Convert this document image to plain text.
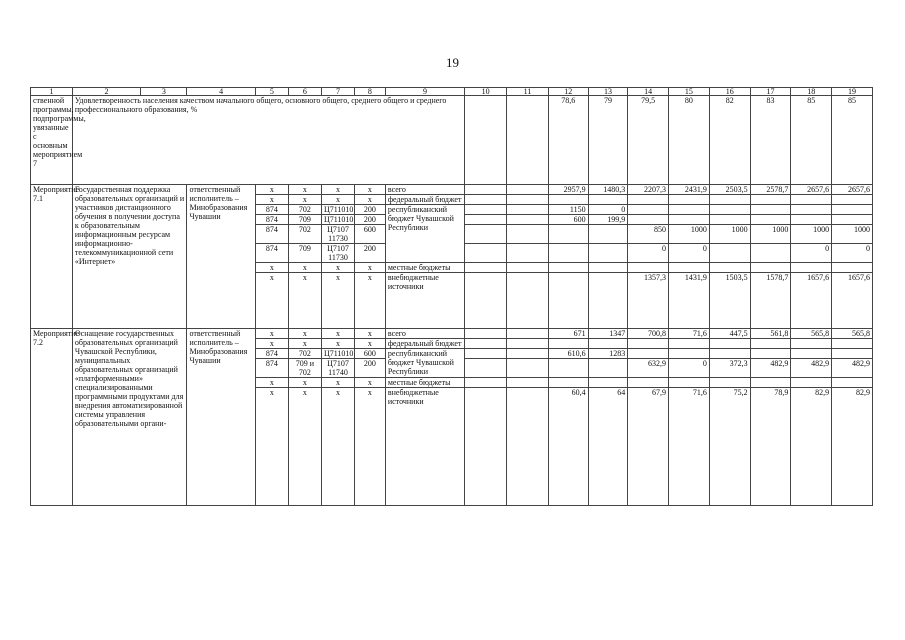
19
1	2	3	4	5	6	7	8	9	10	11	12	13	14	15	16	17	18	19
ственной программы, подпрограммы, увязанные с основным мероприятием 7	Удовлетворенность населения качеством начального общего, основного общего, среднего общего и среднего профессионального образования, %										78,6	79	79,5	80	82	83	85	85
Мероприятие 7.1	Государственная поддержка образовательных организаций и участников дистанционного обучения в получении доступа к образовательным информационным ресурсам информационно-телекоммуникационной сети «Интернет»		ответственный исполнитель – Минобразования Чувашии	x	x	x	x	всего			2957,9	1480,3	2207,3	2431,9	2503,5	2578,7	2657,6	2657,6
				x	x	x	x	федеральный бюджет										
				874	702	Ц711010	200	республиканский бюджет Чувашской Республики			1150	0						
				874	709	Ц711010	200				600	199,9						
				874	702	Ц7107 11730	600						850	1000	1000	1000	1000	1000
				874	709	Ц7107 11730	200						0	0			0	0
				x	x	x	x	местные бюджеты										
				x	x	x	x	внебюджетные источники					1357,3	1431,9	1503,5	1578,7	1657,6	1657,6
Мероприятие 7.2	Оснащение государственных образовательных организаций Чувашской Республики, муниципальных образовательных организаций «платформенными» специализированными программными продуктами для внедрения автоматизированной системы управления образовательными органи-		ответственный исполнитель – Минобразования Чувашии	x	x	x	x	всего			671	1347	700,8	71,6	447,5	561,8	565,8	565,8
				x	x	x	x	федеральный бюджет										
				874	702	Ц711010	600	республиканский бюджет Чувашской Республики			610,6	1283						
				874	709 и 702	Ц7107 11740	200						632,9	0	372,3	482,9	482,9	482,9
				x	x	x	x	местные бюджеты										
				x	x	x	x	внебюджетные источники			60,4	64	67,9	71,6	75,2	78,9	82,9	82,9
